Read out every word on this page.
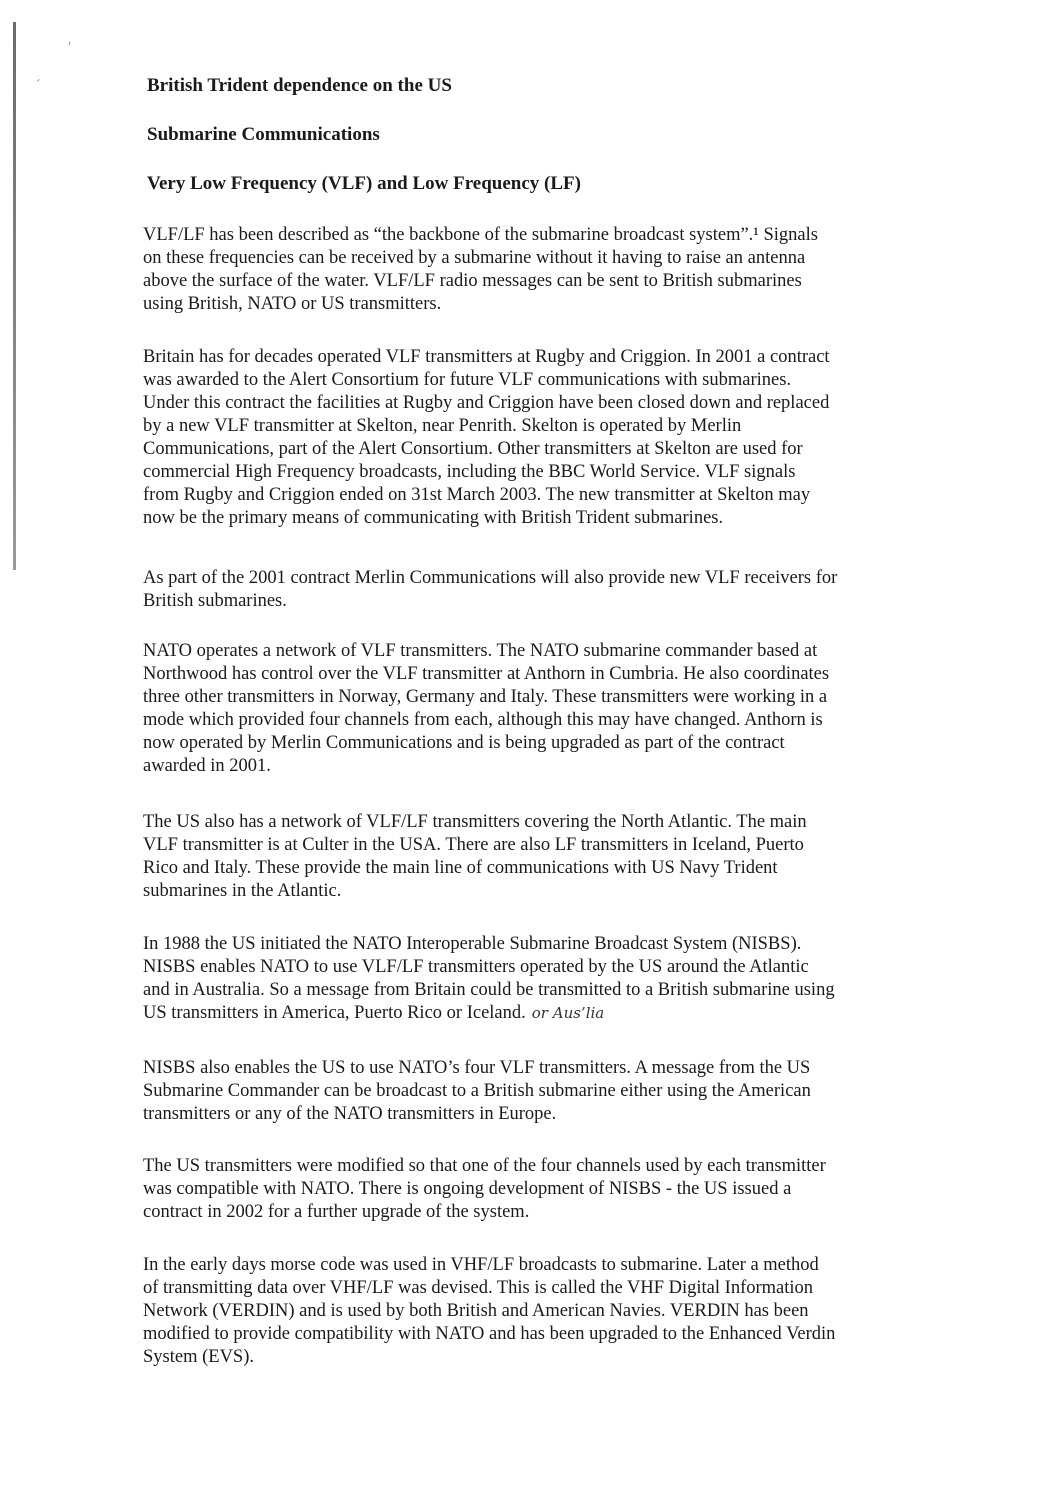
′
´	British Trident dependence on the US
Submarine Communications
Very Low Frequency (VLF) and Low Frequency (LF)
VLF/LF has been described as “the backbone of the submarine broadcast system”.¹ Signals
on these frequencies can be received by a submarine without it having to raise an antenna
above the surface of the water. VLF/LF radio messages can be sent to British submarines
using British, NATO or US transmitters.
Britain has for decades operated VLF transmitters at Rugby and Criggion. In 2001 a contract
was awarded to the Alert Consortium for future VLF communications with submarines.
Under this contract the facilities at Rugby and Criggion have been closed down and replaced
by a new VLF transmitter at Skelton, near Penrith. Skelton is operated by Merlin
Communications, part of the Alert Consortium. Other transmitters at Skelton are used for
commercial High Frequency broadcasts, including the BBC World Service. VLF signals
from Rugby and Criggion ended on 31st March 2003. The new transmitter at Skelton may
now be the primary means of communicating with British Trident submarines.
As part of the 2001 contract Merlin Communications will also provide new VLF receivers for
British submarines.
NATO operates a network of VLF transmitters. The NATO submarine commander based at
Northwood has control over the VLF transmitter at Anthorn in Cumbria. He also coordinates
three other transmitters in Norway, Germany and Italy. These transmitters were working in a
mode which provided four channels from each, although this may have changed. Anthorn is
now operated by Merlin Communications and is being upgraded as part of the contract
awarded in 2001.
The US also has a network of VLF/LF transmitters covering the North Atlantic. The main
VLF transmitter is at Culter in the USA. There are also LF transmitters in Iceland, Puerto
Rico and Italy. These provide the main line of communications with US Navy Trident
submarines in the Atlantic.
In 1988 the US initiated the NATO Interoperable Submarine Broadcast System (NISBS).
NISBS enables NATO to use VLF/LF transmitters operated by the US around the Atlantic
and in Australia. So a message from Britain could be transmitted to a British submarine using
US transmitters in America, Puerto Rico or Iceland. or Aus’lia
NISBS also enables the US to use NATO’s four VLF transmitters. A message from the US
Submarine Commander can be broadcast to a British submarine either using the American
transmitters or any of the NATO transmitters in Europe.
The US transmitters were modified so that one of the four channels used by each transmitter
was compatible with NATO. There is ongoing development of NISBS - the US issued a
contract in 2002 for a further upgrade of the system.
In the early days morse code was used in VHF/LF broadcasts to submarine. Later a method
of transmitting data over VHF/LF was devised. This is called the VHF Digital Information
Network (VERDIN) and is used by both British and American Navies. VERDIN has been
modified to provide compatibility with NATO and has been upgraded to the Enhanced Verdin
System (EVS).
